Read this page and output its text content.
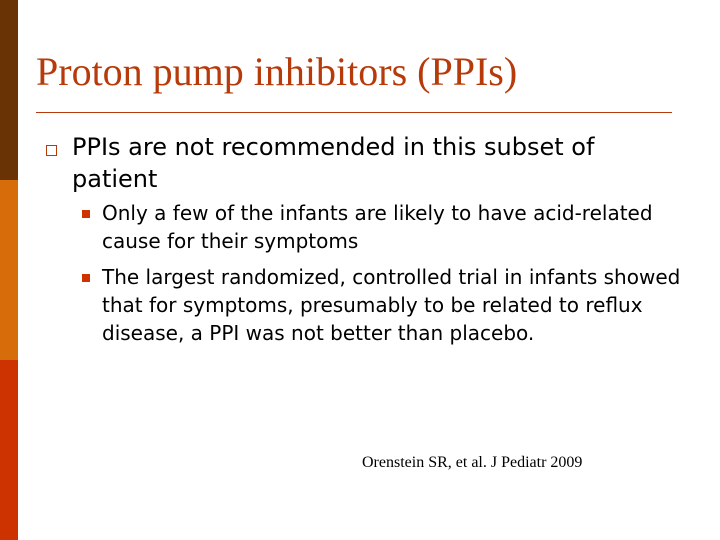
Proton pump inhibitors (PPIs)
PPIs are not recommended in this subset of patient
Only a few of the infants are likely to have acid-related cause for their symptoms
The largest randomized, controlled trial in infants showed that for symptoms, presumably to be related to reflux disease, a PPI was not better than placebo.
Orenstein SR, et al. J Pediatr 2009
